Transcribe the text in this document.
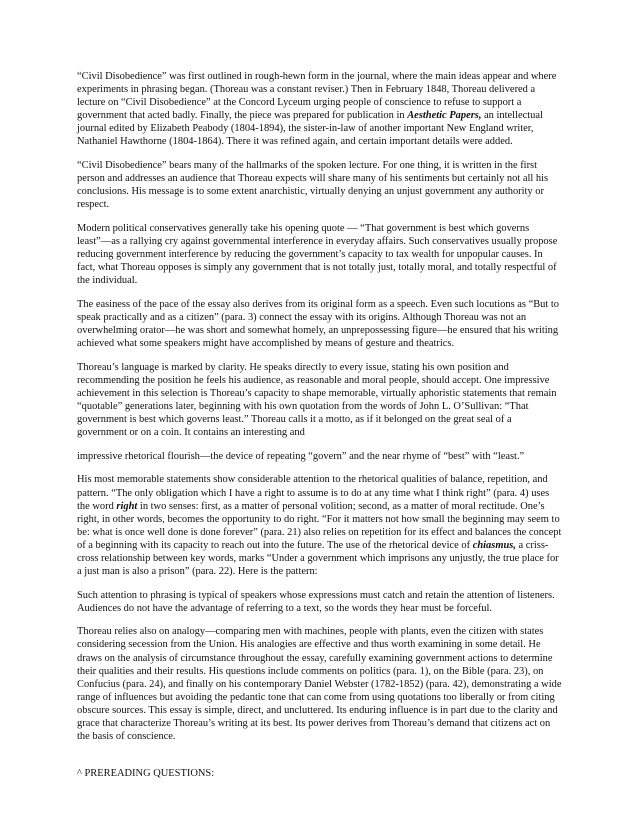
“Civil Disobedience” was first outlined in rough-hewn form in the journal, where the main ideas appear and where experiments in phrasing began. (Thoreau was a constant reviser.) Then in February 1848, Thoreau delivered a lecture on “Civil Disobedience” at the Concord Lyceum urging people of conscience to refuse to support a government that acted badly. Finally, the piece was prepared for publication in Aesthetic Papers, an intellectual journal edited by Elizabeth Peabody (1804-1894), the sister-in-law of another important New England writer, Nathaniel Hawthorne (1804-1864). There it was refined again, and certain important details were added.

“Civil Disobedience” bears many of the hallmarks of the spoken lecture. For one thing, it is written in the first person and addresses an audience that Thoreau expects will share many of his sentiments but certainly not all his conclusions. His message is to some extent anarchistic, virtually denying an unjust government any authority or respect.

Modern political conservatives generally take his opening quote — “That government is best which governs least”—as a rallying cry against governmental interference in everyday affairs. Such conservatives usually propose reducing government interference by reducing the government’s capacity to tax wealth for unpopular causes. In fact, what Thoreau opposes is simply any government that is not totally just, totally moral, and totally respectful of the individual.

The easiness of the pace of the essay also derives from its original form as a speech. Even such locutions as “But to speak practically and as a citizen” (para. 3) connect the essay with its origins. Although Thoreau was not an overwhelming orator—he was short and somewhat homely, an unprepossessing figure—he ensured that his writing achieved what some speakers might have accomplished by means of gesture and theatrics.

Thoreau’s language is marked by clarity. He speaks directly to every issue, stating his own position and recommending the position he feels his audience, as reasonable and moral people, should accept. One impressive achievement in this selection is Thoreau’s capacity to shape memorable, virtually aphoristic statements that remain “quotable” generations later, beginning with his own quotation from the words of John L. O’Sullivan: “That government is best which governs least.” Thoreau calls it a motto, as if it belonged on the great seal of a government or on a coin. It contains an interesting and

impressive rhetorical flourish—the device of repeating “govern” and the near rhyme of “best” with “least.”

His most memorable statements show considerable attention to the rhetorical qualities of balance, repetition, and pattern. “The only obligation which I have a right to assume is to do at any time what I think right” (para. 4) uses the word right in two senses: first, as a matter of personal volition; second, as a matter of moral rectitude. One’s right, in other words, becomes the opportunity to do right. “For it matters not how small the beginning may seem to be: what is once well done is done forever” (para. 21) also relies on repetition for its effect and balances the concept of a beginning with its capacity to reach out into the future. The use of the rhetorical device of chiasmus, a criss-cross relationship between key words, marks “Under a government which imprisons any unjustly, the true place for a just man is also a prison” (para. 22). Here is the pattern:

Such attention to phrasing is typical of speakers whose expressions must catch and retain the attention of listeners. Audiences do not have the advantage of referring to a text, so the words they hear must be forceful.

Thoreau relies also on analogy—comparing men with machines, people with plants, even the citizen with states considering secession from the Union. His analogies are effective and thus worth examining in some detail. He draws on the analysis of circumstance throughout the essay, carefully examining government actions to determine their qualities and their results. His questions include comments on politics (para. 1), on the Bible (para. 23), on Confucius (para. 24), and finally on his contemporary Daniel Webster (1782-1852) (para. 42), demonstrating a wide range of influences but avoiding the pedantic tone that can come from using quotations too liberally or from citing obscure sources. This essay is simple, direct, and uncluttered. Its enduring influence is in part due to the clarity and grace that characterize Thoreau’s writing at its best. Its power derives from Thoreau’s demand that citizens act on the basis of conscience.

^ PREREADING QUESTIONS:
